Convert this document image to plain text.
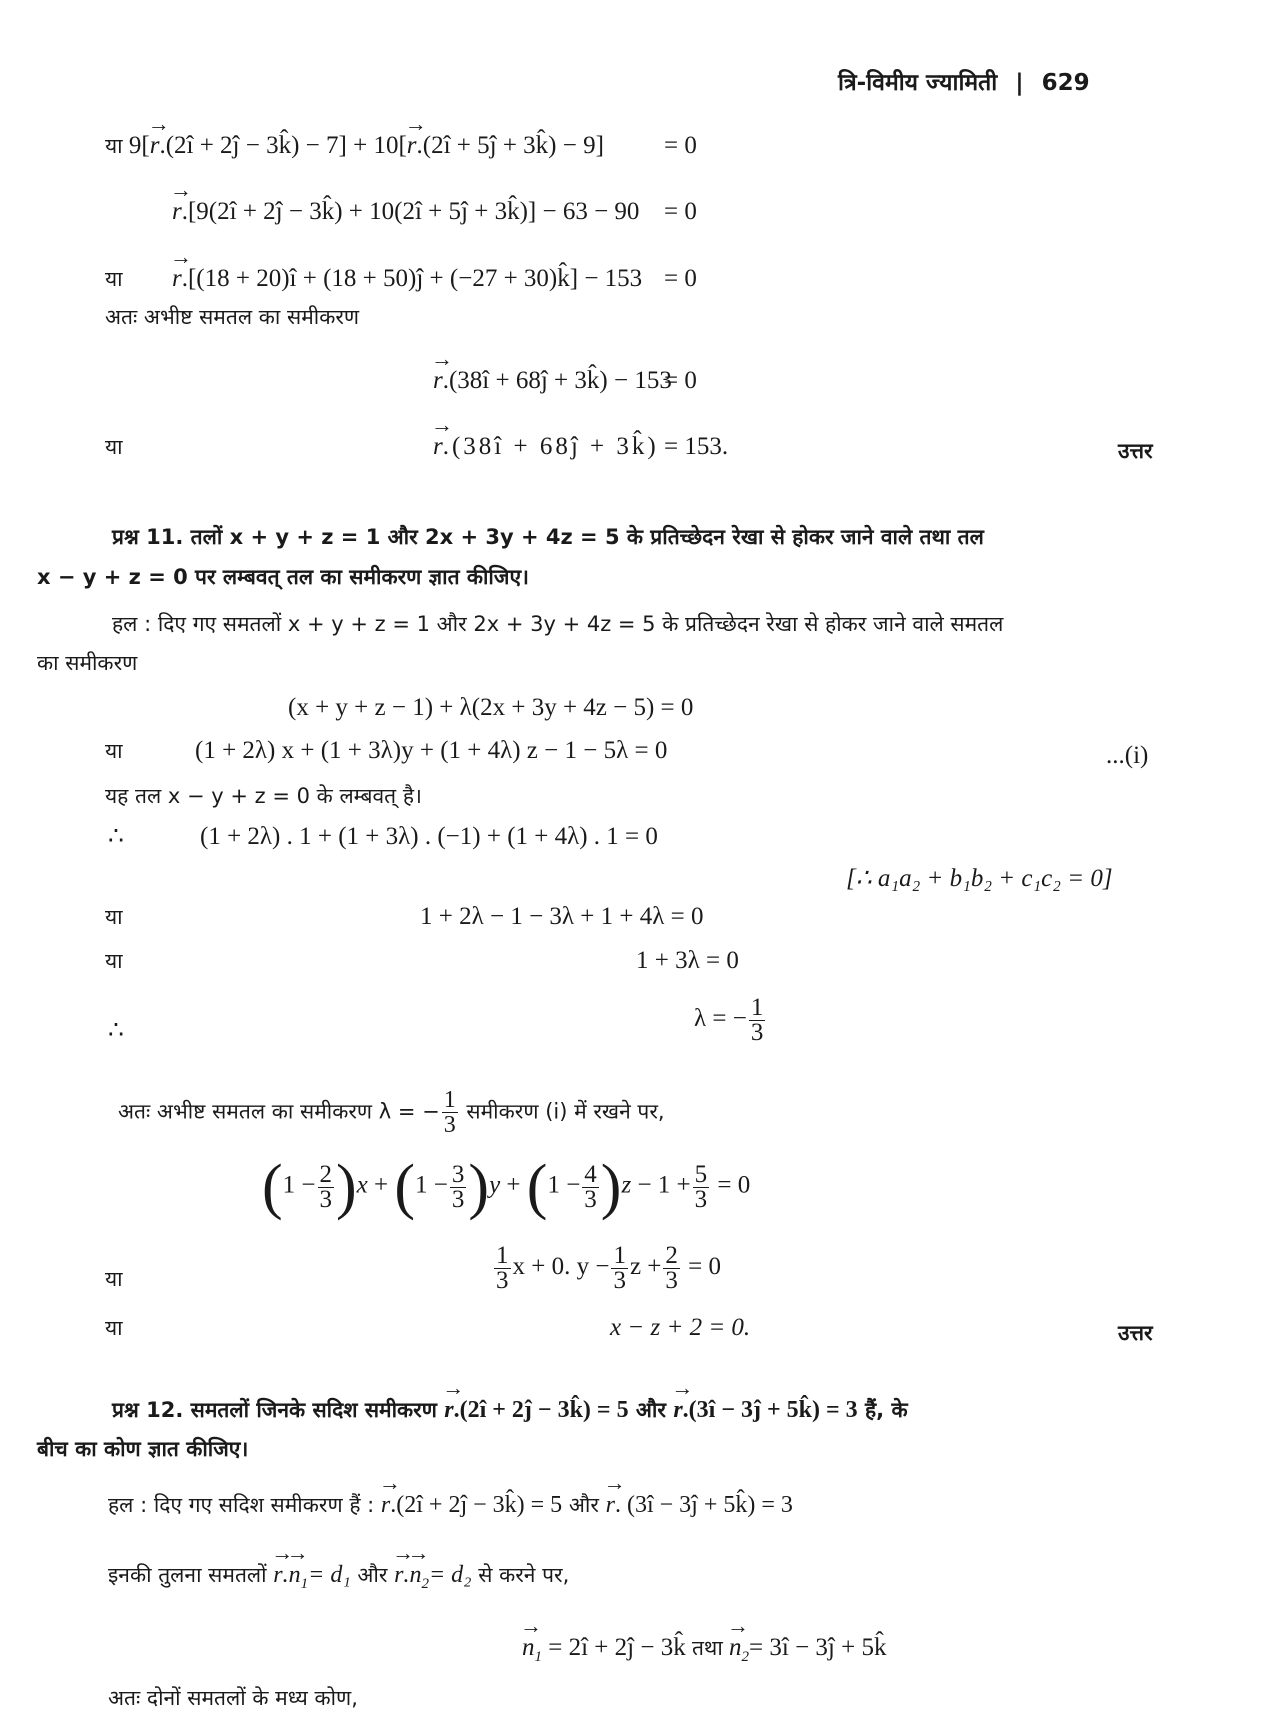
त्रि-विमीय ज्यामिती | 629
या 9[→ r.(2î + 2ĵ − 3k̂) − 7] + 10[→ r.(2î + 5ĵ + 3k̂) − 9] = 0
→ r.[9(2î + 2ĵ − 3k̂) + 10(2î + 5ĵ + 3k̂)] − 63 − 90 = 0
या → r.[(18 + 20)î + (18 + 50)ĵ + (−27 + 30)k̂] − 153 = 0
अतः अभीष्ट समतल का समीकरण
→ r.(38î + 68ĵ + 3k̂) − 153
= 0
या	→ r.(38î + 68ĵ + 3k̂) = 153.	उत्तर
प्रश्न 11. तलों x + y + z = 1 और 2x + 3y + 4z = 5 के प्रतिच्छेदन रेखा से होकर जाने वाले तथा तल
x − y + z = 0 पर लम्बवत् तल का समीकरण ज्ञात कीजिए।
हल : दिए गए समतलों x + y + z = 1 और 2x + 3y + 4z = 5 के प्रतिच्छेदन रेखा से होकर जाने वाले समतल
का समीकरण
(x + y + z − 1) + λ(2x + 3y + 4z − 5) = 0
या	(1 + 2λ) x + (1 + 3λ)y + (1 + 4λ) z − 1 − 5λ = 0	...(i)
यह तल x − y + z = 0 के लम्बवत् है।
∴	(1 + 2λ) . 1 + (1 + 3λ) . (−1) + (1 + 4λ) . 1 = 0
[∴ a₁a₂ + b₁b₂ + c₁c₂ = 0]
या	1 + 2λ − 1 − 3λ + 1 + 4λ = 0
या	1 + 3λ = 0
∴	λ = − $\frac{1}{3}$
अतः अभीष्ट समतल का समीकरण λ = − $\frac{1}{3}$ समीकरण (i) में रखने पर,
$(1 - \frac{2}{3} )x + (1 - \frac{3}{3} )y + (1 - \frac{4}{3} )z - 1 + \frac{5}{3} = 0$
या	$\frac{1}{3}$ x + 0. $y - \frac{1}{3}$ $z + \frac{2}{3} = 0$
या	x − z + 2 = 0.	उत्तर
प्रश्न 12. समतलों जिनके सदिश समीकरण → r.(2î + 2ĵ − 3k̂) = 5 और → r.(3î − 3ĵ + 5k̂) = 3 हैं, के
बीच का कोण ज्ञात कीजिए।
हल : दिए गए सदिश समीकरण हैं : → r.(2î + 2ĵ − 3k̂) = 5 और → r. (3î − 3ĵ + 5k̂) = 3
इनकी तुलना समतलों → $r.\to n_1= d_1$ और → $r.\to n_2= d_2$ से करने पर,
→ $n_1$ = 2î + 2ĵ − 3k̂ तथा → $n_2=$ 3î − 3ĵ + 5k̂
अतः दोनों समतलों के मध्य कोण,
